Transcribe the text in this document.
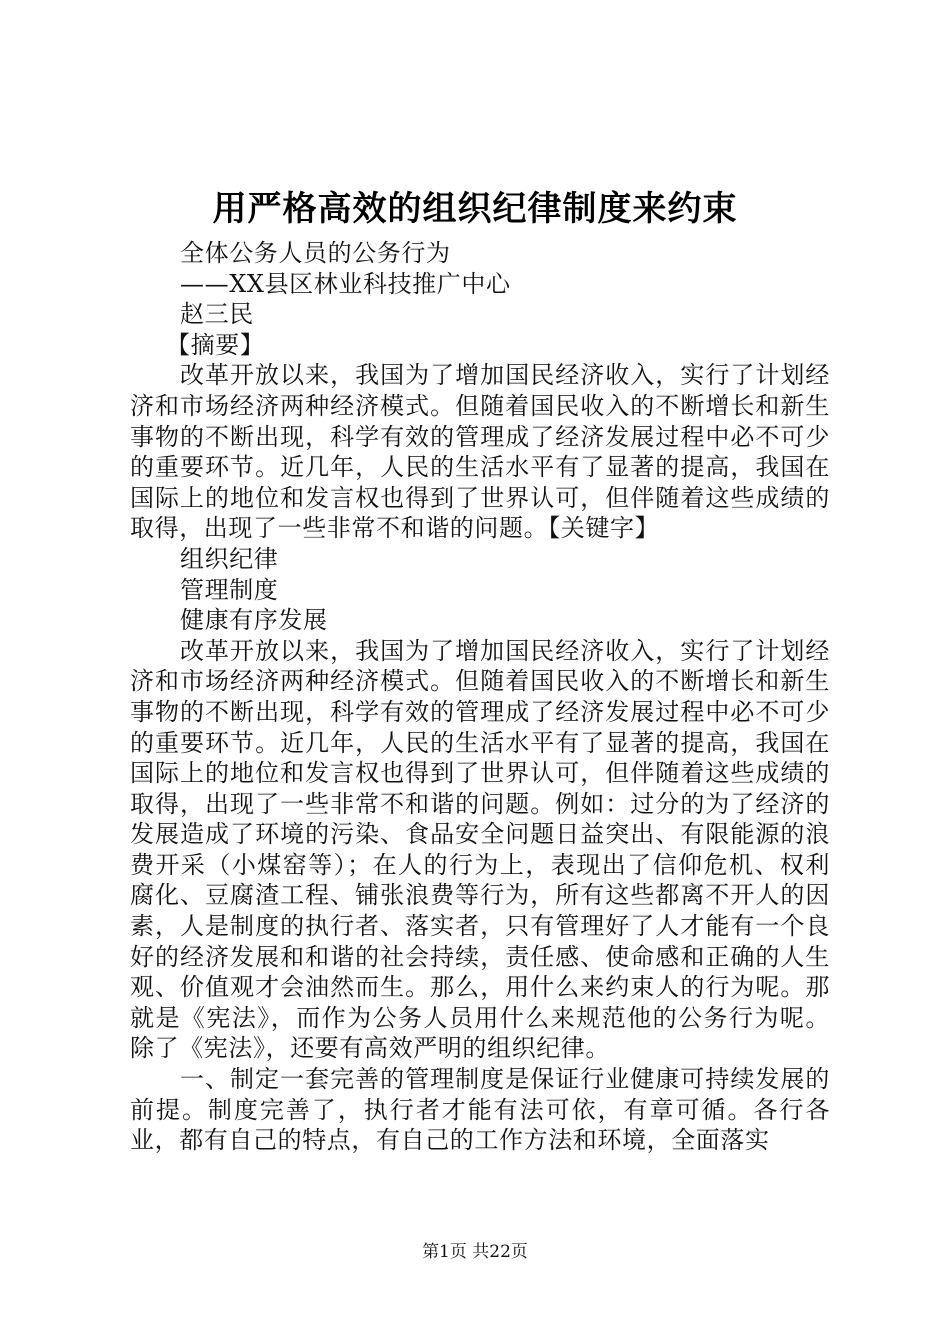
用严格高效的组织纪律制度来约束

全体公务人员的公务行为

——XX县区林业科技推广中心

赵三民

【摘要】

改革开放以来，我国为了增加国民经济收入，实行了计划经济和市场经济两种经济模式。但随着国民收入的不断增长和新生事物的不断出现，科学有效的管理成了经济发展过程中必不可少的重要环节。近几年，人民的生活水平有了显著的提高，我国在国际上的地位和发言权也得到了世界认可，但伴随着这些成绩的取得，出现了一些非常不和谐的问题。【关键字】

组织纪律

管理制度

健康有序发展

改革开放以来，我国为了增加国民经济收入，实行了计划经济和市场经济两种经济模式。但随着国民收入的不断增长和新生事物的不断出现，科学有效的管理成了经济发展过程中必不可少的重要环节。近几年，人民的生活水平有了显著的提高，我国在国际上的地位和发言权也得到了世界认可，但伴随着这些成绩的取得，出现了一些非常不和谐的问题。例如：过分的为了经济的发展造成了环境的污染、食品安全问题日益突出、有限能源的浪费开采（小煤窑等）；在人的行为上，表现出了信仰危机、权利腐化、豆腐渣工程、铺张浪费等行为，所有这些都离不开人的因素，人是制度的执行者、落实者，只有管理好了人才能有一个良好的经济发展和和谐的社会持续，责任感、使命感和正确的人生观、价值观才会油然而生。那么，用什么来约束人的行为呢。那就是《宪法》，而作为公务人员用什么来规范他的公务行为呢。除了《宪法》，还要有高效严明的组织纪律。

一、制定一套完善的管理制度是保证行业健康可持续发展的前提。制度完善了，执行者才能有法可依，有章可循。各行各业，都有自己的特点，有自己的工作方法和环境，全面落实

第1页 共22页
